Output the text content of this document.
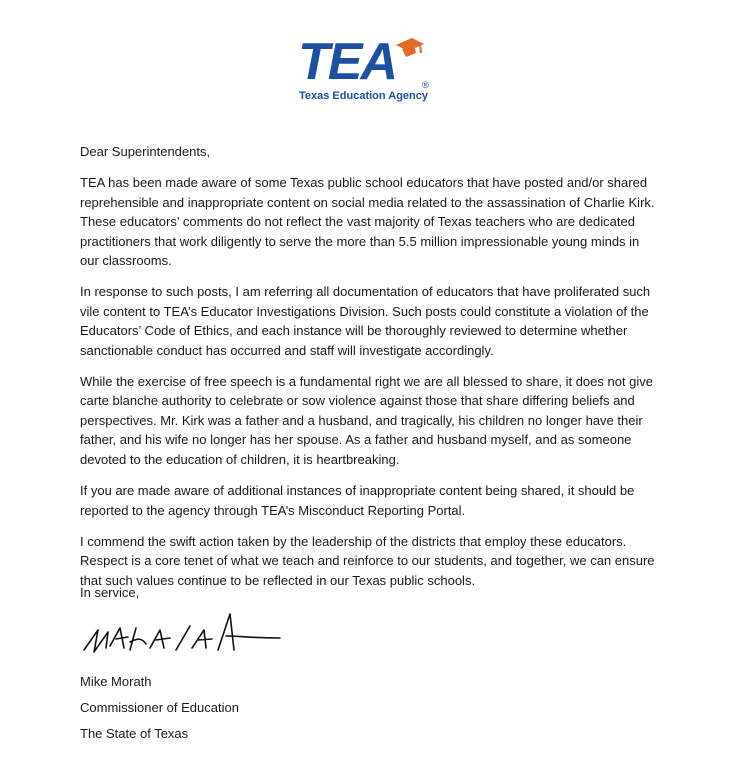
TEA	®
Texas Education Agency

Dear Superintendents,

TEA has been made aware of some Texas public school educators that have posted and/or shared reprehensible and inappropriate content on social media related to the assassination of Charlie Kirk. These educators’ comments do not reflect the vast majority of Texas teachers who are dedicated practitioners that work diligently to serve the more than 5.5 million impressionable young minds in our classrooms.

In response to such posts, I am referring all documentation of educators that have proliferated such vile content to TEA’s Educator Investigations Division. Such posts could constitute a violation of the Educators’ Code of Ethics, and each instance will be thoroughly reviewed to determine whether sanctionable conduct has occurred and staff will investigate accordingly.

While the exercise of free speech is a fundamental right we are all blessed to share, it does not give carte blanche authority to celebrate or sow violence against those that share differing beliefs and perspectives. Mr. Kirk was a father and a husband, and tragically, his children no longer have their father, and his wife no longer has her spouse. As a father and husband myself, and as someone devoted to the education of children, it is heartbreaking.

If you are made aware of additional instances of inappropriate content being shared, it should be reported to the agency through TEA’s Misconduct Reporting Portal.

I commend the swift action taken by the leadership of the districts that employ these educators. Respect is a core tenet of what we teach and reinforce to our students, and together, we can ensure that such values continue to be reflected in our Texas public schools.

In service,
Mike Morath
Commissioner of Education
The State of Texas
